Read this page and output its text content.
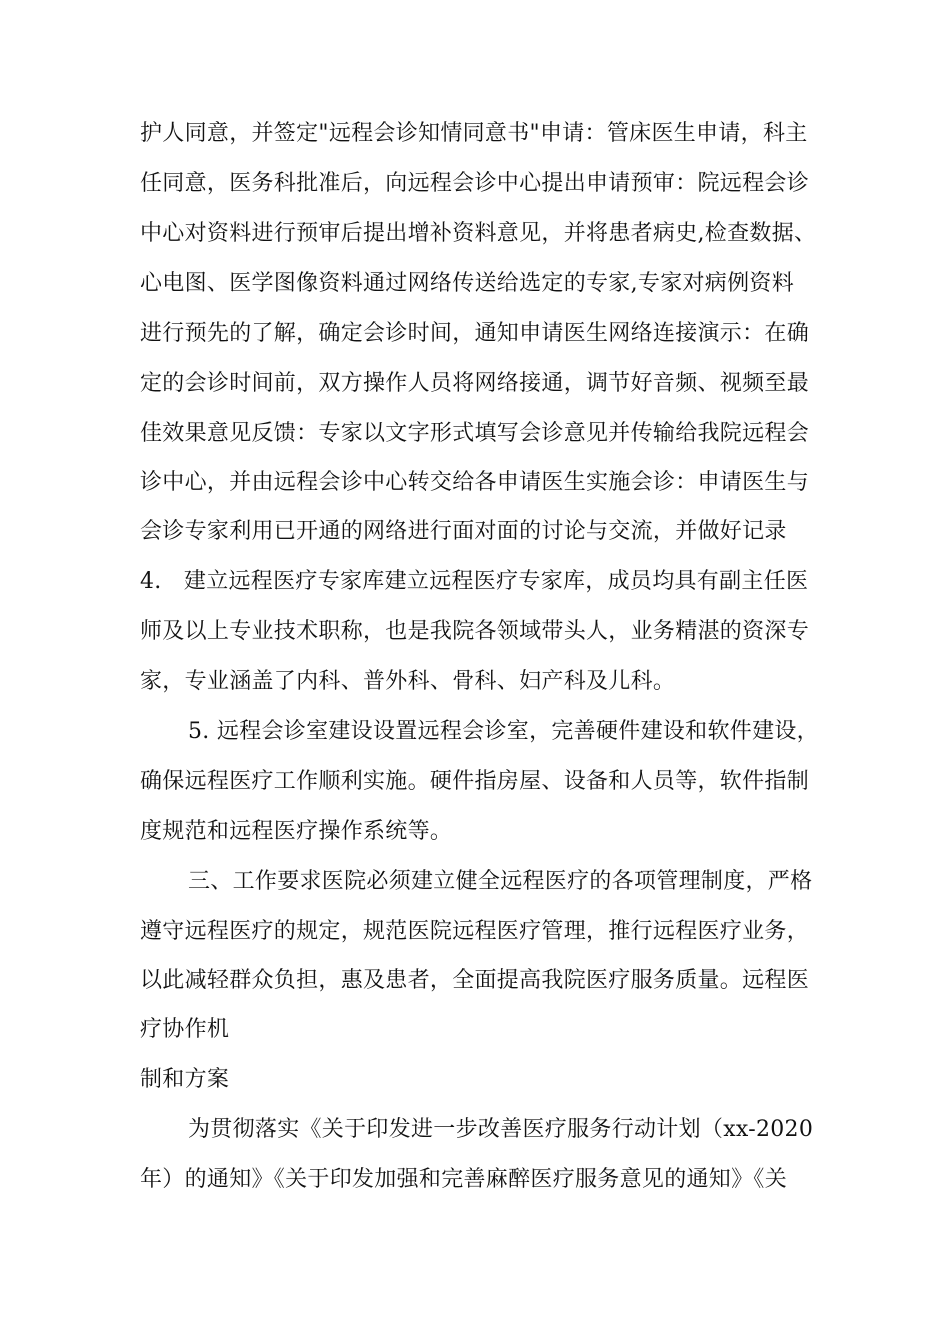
护人同意，并签定"远程会诊知情同意书"申请：管床医生申请，科主
任同意，医务科批准后，向远程会诊中心提出申请预审：院远程会诊
中心对资料进行预审后提出增补资料意见，并将患者病史,检查数据、
心电图、医学图像资料通过网络传送给选定的专家,专家对病例资料
进行预先的了解，确定会诊时间，通知申请医生网络连接演示：在确
定的会诊时间前，双方操作人员将网络接通，调节好音频、视频至最
佳效果意见反馈：专家以文字形式填写会诊意见并传输给我院远程会
诊中心，并由远程会诊中心转交给各申请医生实施会诊：申请医生与
会诊专家利用已开通的网络进行面对面的讨论与交流，并做好记录
4.　建立远程医疗专家库建立远程医疗专家库，成员均具有副主任医
师及以上专业技术职称，也是我院各领域带头人，业务精湛的资深专
家，专业涵盖了内科、普外科、骨科、妇产科及儿科。
5. 远程会诊室建设设置远程会诊室，完善硬件建设和软件建设，
确保远程医疗工作顺利实施。硬件指房屋、设备和人员等，软件指制
度规范和远程医疗操作系统等。
三、工作要求医院必须建立健全远程医疗的各项管理制度，严格
遵守远程医疗的规定，规范医院远程医疗管理，推行远程医疗业务，
以此减轻群众负担，惠及患者，全面提高我院医疗服务质量。远程医
疗协作机
制和方案
为贯彻落实《关于印发进一步改善医疗服务行动计划（xx-2020
年）的通知》《关于印发加强和完善麻醉医疗服务意见的通知》《关
